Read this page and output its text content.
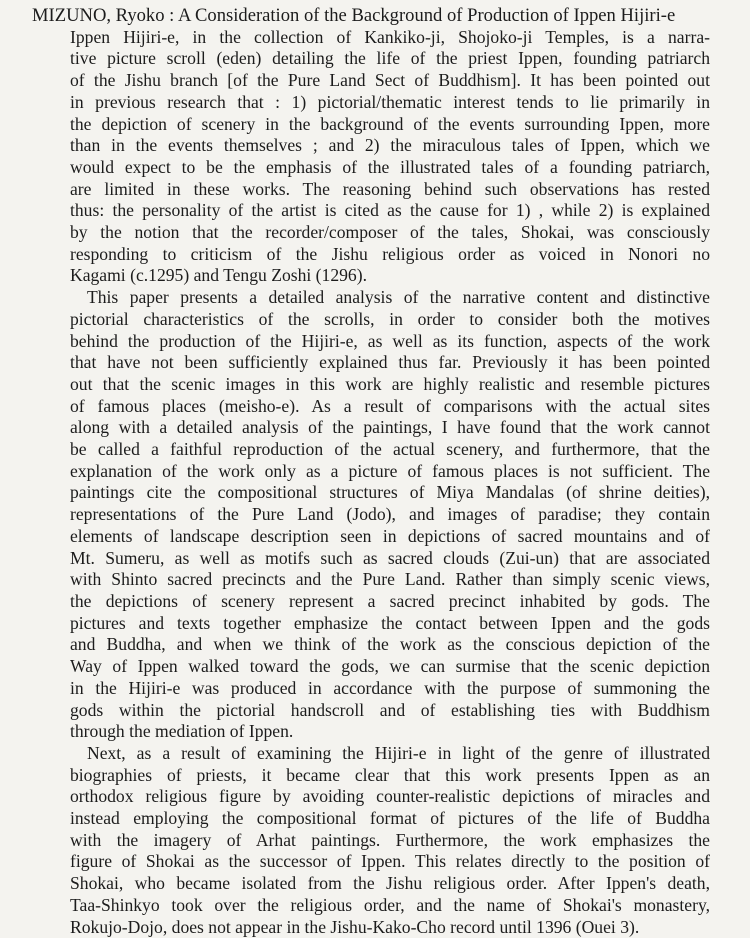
MIZUNO, Ryoko : A Consideration of the Background of Production of Ippen Hijiri-e
Ippen Hijiri-e, in the collection of Kankiko-ji, Shojoko-ji Temples, is a narra-
tive picture scroll (eden) detailing the life of the priest Ippen, founding patriarch
of the Jishu branch [of the Pure Land Sect of Buddhism]. It has been pointed out
in previous research that : 1) pictorial/thematic interest tends to lie primarily in
the depiction of scenery in the background of the events surrounding Ippen, more
than in the events themselves ; and 2) the miraculous tales of Ippen, which we
would expect to be the emphasis of the illustrated tales of a founding patriarch,
are limited in these works. The reasoning behind such observations has rested
thus: the personality of the artist is cited as the cause for 1) , while 2) is explained
by the notion that the recorder/composer of the tales, Shokai, was consciously
responding to criticism of the Jishu religious order as voiced in Nonori no
Kagami (c.1295) and Tengu Zoshi (1296).
This paper presents a detailed analysis of the narrative content and distinctive
pictorial characteristics of the scrolls, in order to consider both the motives
behind the production of the Hijiri-e, as well as its function, aspects of the work
that have not been sufficiently explained thus far. Previously it has been pointed
out that the scenic images in this work are highly realistic and resemble pictures
of famous places (meisho-e). As a result of comparisons with the actual sites
along with a detailed analysis of the paintings, I have found that the work cannot
be called a faithful reproduction of the actual scenery, and furthermore, that the
explanation of the work only as a picture of famous places is not sufficient. The
paintings cite the compositional structures of Miya Mandalas (of shrine deities),
representations of the Pure Land (Jodo), and images of paradise; they contain
elements of landscape description seen in depictions of sacred mountains and of
Mt. Sumeru, as well as motifs such as sacred clouds (Zui-un) that are associated
with Shinto sacred precincts and the Pure Land. Rather than simply scenic views,
the depictions of scenery represent a sacred precinct inhabited by gods. The
pictures and texts together emphasize the contact between Ippen and the gods
and Buddha, and when we think of the work as the conscious depiction of the
Way of Ippen walked toward the gods, we can surmise that the scenic depiction
in the Hijiri-e was produced in accordance with the purpose of summoning the
gods within the pictorial handscroll and of establishing ties with Buddhism
through the mediation of Ippen.
Next, as a result of examining the Hijiri-e in light of the genre of illustrated
biographies of priests, it became clear that this work presents Ippen as an
orthodox religious figure by avoiding counter-realistic depictions of miracles and
instead employing the compositional format of pictures of the life of Buddha
with the imagery of Arhat paintings. Furthermore, the work emphasizes the
figure of Shokai as the successor of Ippen. This relates directly to the position of
Shokai, who became isolated from the Jishu religious order. After Ippen's death,
Taa-Shinkyo took over the religious order, and the name of Shokai's monastery,
Rokujo-Dojo, does not appear in the Jishu-Kako-Cho record until 1396 (Ouei 3).
